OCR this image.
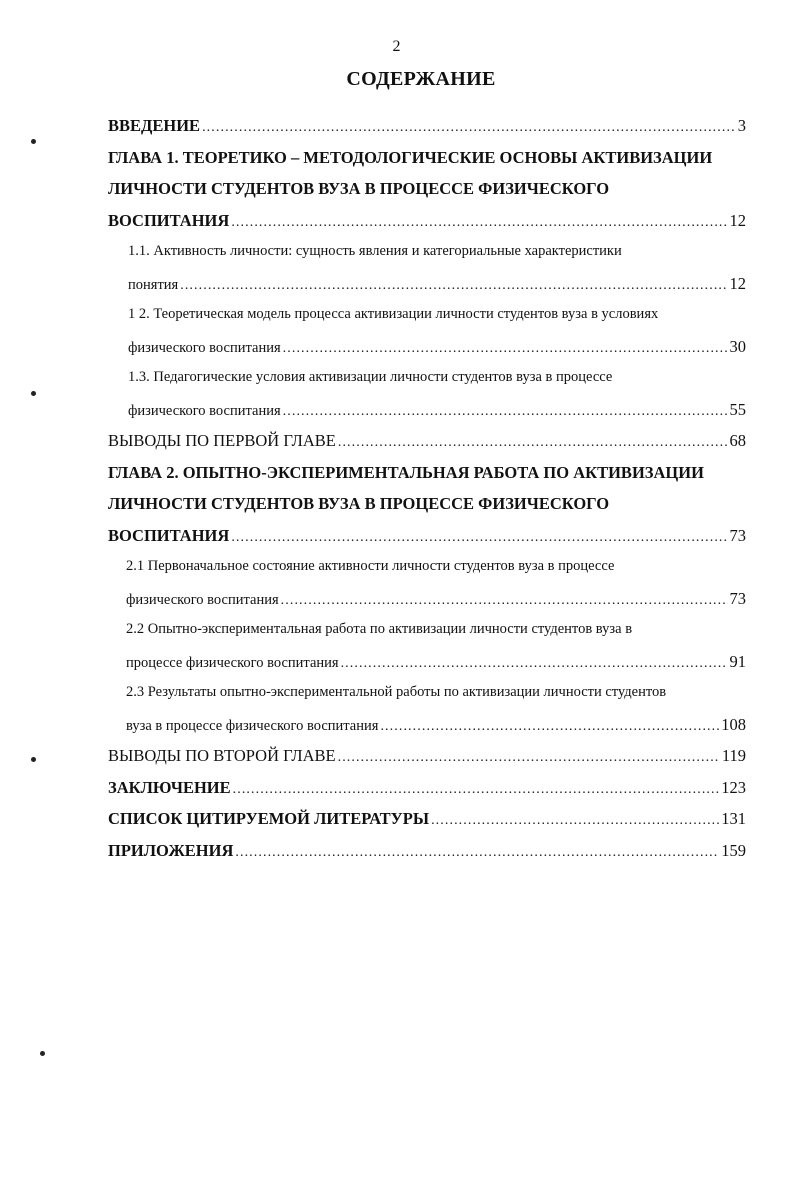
2
СОДЕРЖАНИЕ
ВВЕДЕНИЕ . . .	3
ГЛАВА 1. ТЕОРЕТИКО – МЕТОДОЛОГИЧЕСКИЕ ОСНОВЫ АКТИВИЗАЦИИ
ЛИЧНОСТИ СТУДЕНТОВ ВУЗА В ПРОЦЕССЕ ФИЗИЧЕСКОГО
ВОСПИТАНИЯ . . .	12
1.1. Активность личности: сущность явления и категориальные характеристики
понятия . . .	12
1 2. Теоретическая модель процесса активизации личности студентов вуза в условиях
физического воспитания . . .	30
1.3. Педагогические условия активизации личности студентов вуза в процессе
физического воспитания . . .	55
ВЫВОДЫ ПО ПЕРВОЙ ГЛАВЕ . . .	68
ГЛАВА 2. ОПЫТНО-ЭКСПЕРИМЕНТАЛЬНАЯ РАБОТА ПО АКТИВИЗАЦИИ
ЛИЧНОСТИ СТУДЕНТОВ ВУЗА В ПРОЦЕССЕ ФИЗИЧЕСКОГО
ВОСПИТАНИЯ . . .	73
2.1 Первоначальное состояние активности личности студентов вуза в процессе
физического воспитания . . .	73
2.2 Опытно-экспериментальная работа по активизации личности студентов вуза в
процессе физического воспитания . . .	91
2.3 Результаты опытно-экспериментальной работы по активизации личности студентов
вуза в процессе физического воспитания . . .	108
ВЫВОДЫ ПО ВТОРОЙ ГЛАВЕ . . .	119
ЗАКЛЮЧЕНИЕ . . .	123
СПИСОК ЦИТИРУЕМОЙ ЛИТЕРАТУРЫ . . .	131
ПРИЛОЖЕНИЯ . . .	159
